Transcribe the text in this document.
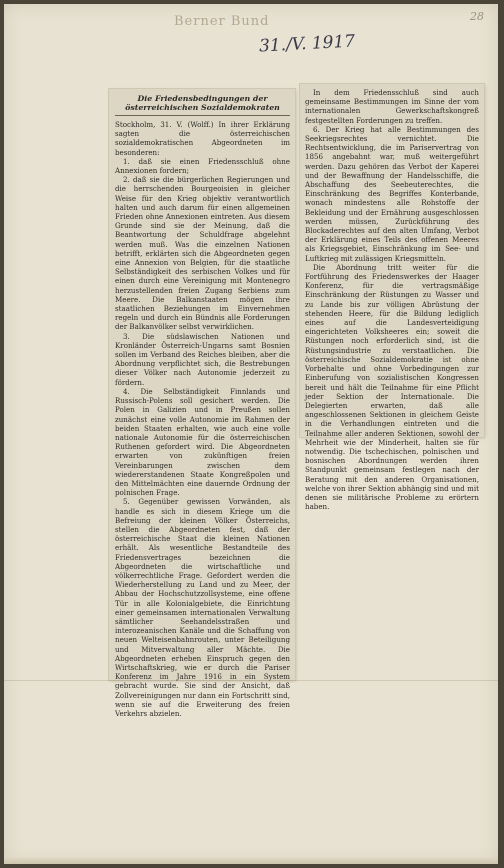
Berner Bund
31./V. 1917
28
Die Friedensbedingungen der österreichischen Sozialdemokraten

Stockholm, 31. V. (Wolff.) In ihrer Erklärung sagten die österreichischen sozialdemokratischen Abgeordneten im besonderen:

1. daß sie einen Friedensschluß ohne Annexionen fordern;

2. daß sie die bürgerlichen Regierungen und die herrschenden Bourgeoisien in gleicher Weise für den Krieg objektiv verantwortlich halten und auch darum für einen allgemeinen Frieden ohne Annexionen eintreten. Aus diesem Grunde sind sie der Meinung, daß die Beantwortung der Schuldfrage abgelehnt werden muß. Was die einzelnen Nationen betrifft, erklärten sich die Abgeordneten gegen eine Annexion von Belgien, für die staatliche Selbständigkeit des serbischen Volkes und für einen durch eine Vereinigung mit Montenegro herzustellenden freien Zugang Serbiens zum Meere. Die Balkanstaaten mögen ihre staatlichen Beziehungen im Einvernehmen regeln und durch ein Bündnis alle Forderungen der Balkanvölker selbst verwirklichen.

3. Die südslawischen Nationen und Kronländer Österreich-Ungarns samt Bosnien sollen im Verband des Reiches bleiben, aber die Abordnung verpflichtet sich, die Bestrebungen dieser Völker nach Autonomie jederzeit zu fördern.

4. Die Selbständigkeit Finnlands und Russisch-Polens soll gesichert werden. Die Polen in Galizien und in Preußen sollen zunächst eine volle Autonomie im Rahmen der beiden Staaten erhalten, wie auch eine volle nationale Autonomie für die österreichischen Ruthenen gefordert wird. Die Abgeordneten erwarten von zukünftigen freien Vereinbarungen zwischen dem wiedererstandenen Staate Kongreßpolen und den Mittelmächten eine dauernde Ordnung der polnischen Frage.

5. Gegenüber gewissen Vorwänden, als handle es sich in diesem Kriege um die Befreiung der kleinen Völker Österreichs, stellen die Abgeordneten fest, daß der österreichische Staat die kleinen Nationen erhält. Als wesentliche Bestandteile des Friedensvertrages bezeichnen die Abgeordneten die wirtschaftliche und völkerrechtliche Frage. Gefordert werden die Wiederherstellung zu Land und zu Meer, der Abbau der Hochschutzzollsysteme, eine offene Tür in alle Kolonialgebiete, die Einrichtung einer gemeinsamen internationalen Verwaltung sämtlicher Seehandelsstraßen und interozeanischen Kanäle und die Schaffung von neuen Welteisenbahnrouten, unter Beteiligung und Mitverwaltung aller Mächte. Die Abgeordneten erheben Einspruch gegen den Wirtschaftskrieg, wie er durch die Pariser Konferenz im Jahre 1916 in ein System gebracht wurde. Sie sind der Ansicht, daß Zollvereinigungen nur dann ein Fortschritt sind, wenn sie auf die Erweiterung des freien Verkehrs abzielen.

In dem Friedensschluß sind auch gemeinsame Bestimmungen im Sinne der vom internationalen Gewerkschaftskongreß festgestellten Forderungen zu treffen.

6. Der Krieg hat alle Bestimmungen des Seekriegsrechtes vernichtet. Die Rechtsentwicklung, die im Pariservertrag von 1856 angebahnt war, muß weitergeführt werden. Dazu gehören das Verbot der Kaperei und der Bewaffnung der Handelsschiffe, die Abschaffung des Seebeuterechtes, die Einschränkung des Begriffes Konterbande, wonach mindestens alle Rohstoffe der Bekleidung und der Ernährung ausgeschlossen werden müssen, Zurückführung des Blockaderechtes auf den alten Umfang, Verbot der Erklärung eines Teils des offenen Meeres als Kriegsgebiet, Einschränkung im See- und Luftkrieg mit zulässigen Kriegsmitteln.

Die Abordnung tritt weiter für die Fortführung des Friedenswerkes der Haager Konferenz, für die vertragsmäßige Einschränkung der Rüstungen zu Wasser und zu Lande bis zur völligen Abrüstung der stehenden Heere, für die Bildung lediglich eines auf die Landesverteidigung eingerichteten Volksheeres ein; soweit die Rüstungen noch erforderlich sind, ist die Rüstungsindustrie zu verstaatlichen. Die österreichische Sozialdemokratie ist ohne Vorbehalte und ohne Vorbedingungen zur Einberufung von sozialistischen Kongressen bereit und hält die Teilnahme für eine Pflicht jeder Sektion der Internationale. Die Delegierten erwarten, daß alle angeschlossenen Sektionen in gleichem Geiste in die Verhandlungen eintreten und die Teilnahme aller anderen Sektionen, sowohl der Mehrheit wie der Minderheit, halten sie für notwendig. Die tschechischen, polnischen und bosnischen Abordnungen werden ihren Standpunkt gemeinsam festlegen nach der Beratung mit den anderen Organisationen, welche von ihrer Sektion abhängig sind und mit denen sie militärische Probleme zu erörtern haben.
